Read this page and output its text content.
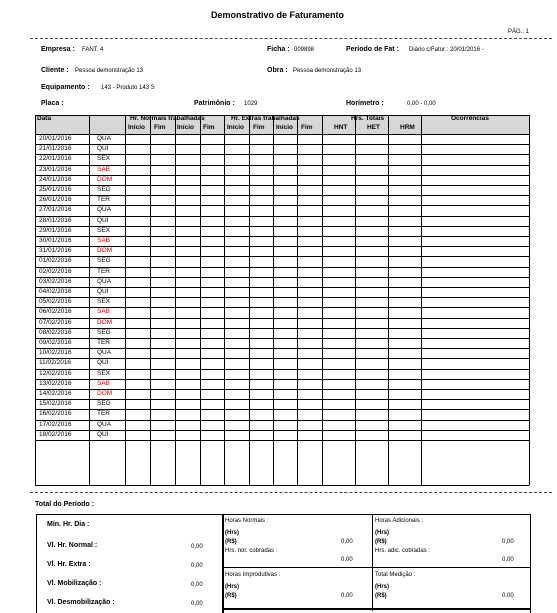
Demonstrativo de Faturamento
PÁG.: 1
Empresa : FANT. 4	Ficha : 009898	Período de Fat : Diário c/Fator : 20/01/2016 -
Cliente : Pessoa demonstração 13	Obra : Pessoa demonstração 13
Equipamento : 143 - Produto 143 S
Placa :	Patrimônio : 1029	Horímetro :	0,00 - 0,00
Data	Hr. Normais trabalhadas	Hr. Extras trabalhadas	Hrs. Totais	Ocorrências
Início Fim Início Fim Início Fim Início Fim	HNT	HET	HRM
20/01/2016	QUA
21/01/2016	QUI
22/01/2016	SEX
23/01/2016	SAB
24/01/2016	DOM
25/01/2016	SEG
26/01/2016	TER
27/01/2016	QUA
28/01/2016	QUI
29/01/2016	SEX
30/01/2016	SAB
31/01/2016	DOM
01/02/2016	SEG
02/02/2016	TER
03/02/2016	QUA
04/02/2016	QUI
05/02/2016	SEX
06/02/2016	SAB
07/02/2016	DOM
08/02/2016	SEG
09/02/2016	TER
10/02/2016	QUA
11/02/2016	QUI
12/02/2016	SEX
13/02/2016	SAB
14/02/2016	DOM
15/02/2016	SEG
16/02/2016	TER
17/02/2016	QUA
18/02/2016	QUI
Total do Período :
Mín. Hr. Dia :
Vl. Hr. Normal :	0,00
Vl. Hr. Extra :	0,00
Vl. Mobilização :	0,00
Vl. Desmobilização :	0,00
Horas Normais :
(Hrs)
(R$)	0,00
Hrs. nor. cobradas :
0,00
Horas Adicionais :
(Hrs)
(R$)	0,00
Hrs. adic. cobradas :
0,00
Horas Improdutivas :
(Hrs)
(R$)	0,00
Total Medição :
(Hrs)
(R$)	0,00
